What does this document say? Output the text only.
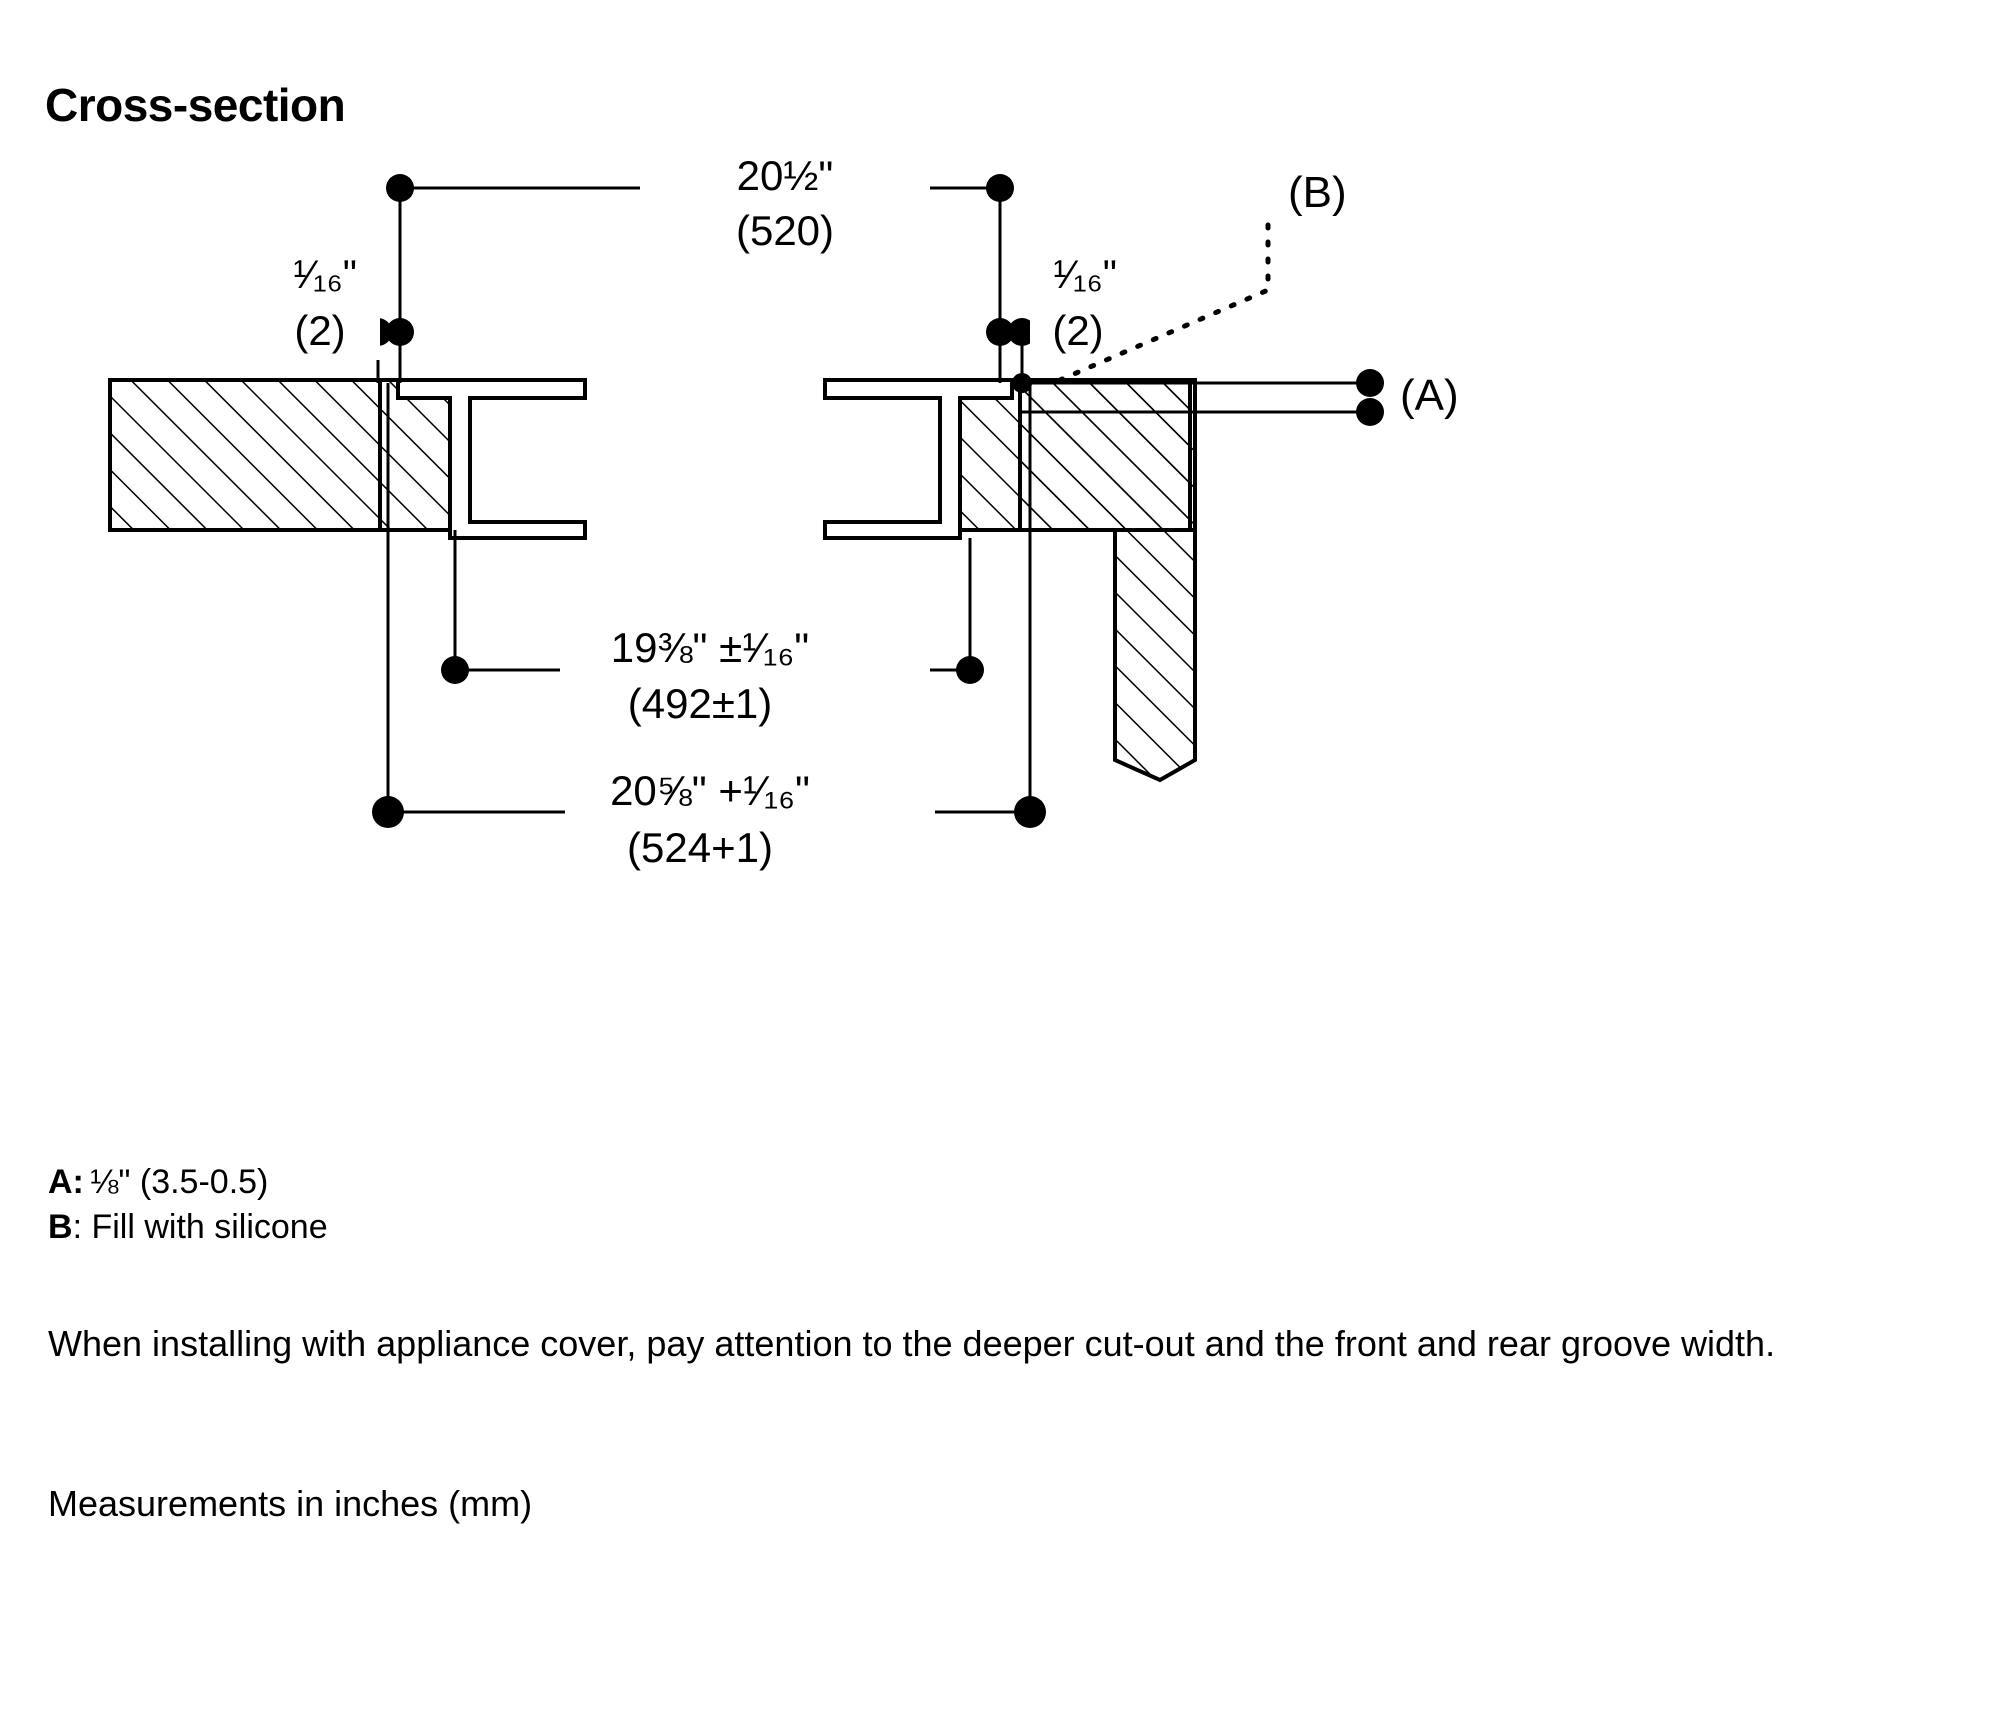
Cross-section
20½"
(520)
¹⁄₁₆"
(2)
¹⁄₁₆"
(2)
(B)
(A)
19⅜" ±¹⁄₁₆"
(492±1)
20⅝" +¹⁄₁₆"
(524+1)
A: ⅛" (3.5-0.5)
B: Fill with silicone
When installing with appliance cover, pay attention to the deeper cut-out and the front and rear groove width.
Measurements in inches (mm)
